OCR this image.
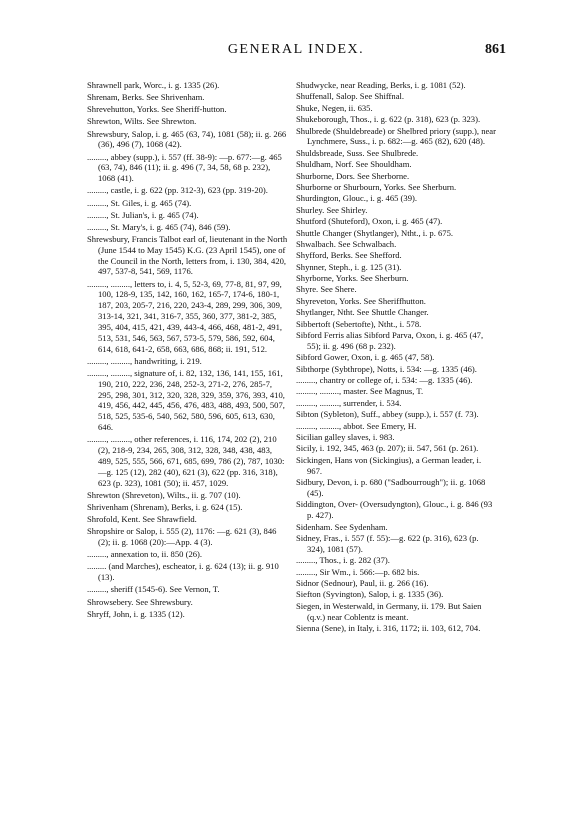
GENERAL INDEX.	861
Shrawnell park, Worc., i. g. 1335 (26).
Shrenam, Berks. See Shrivenham.
Shrevehutton, Yorks. See Sheriff-hutton.
Shrewton, Wilts. See Shrewton.
Shrewsbury, Salop, i. g. 465 (63, 74), 1081 (58); ii. g. 266 (36), 496 (7), 1068 (42).
........., abbey (supp.), i. 557 (ff. 38-9): —p. 677:—g. 465 (63, 74), 846 (11); ii. g. 496 (7, 34, 58, 68 p. 232), 1068 (41).
........., castle, i. g. 622 (pp. 312-3), 623 (pp. 319-20).
........., St. Giles, i. g. 465 (74).
........., St. Julian's, i. g. 465 (74).
........., St. Mary's, i. g. 465 (74), 846 (59).
Shrewsbury, Francis Talbot earl of, lieutenant in the North (June 1544 to May 1545) K.G. (23 April 1545), one of the Council in the North, letters from, i. 130, 384, 420, 497, 537-8, 541, 569, 1176.
........., ........., letters to, i. 4, 5, 52-3, 69, 77-8, 81, 97, 99, 100, 128-9, 135, 142, 160, 162, 165-7, 174-6, 180-1, 187, 203, 205-7, 216, 220, 243-4, 289, 299, 306, 309, 313-14, 321, 341, 316-7, 355, 360, 377, 381-2, 385, 395, 404, 415, 421, 439, 443-4, 466, 468, 481-2, 491, 513, 531, 546, 563, 567, 573-5, 579, 586, 592, 604, 614, 618, 641-2, 658, 663, 686, 868; ii. 191, 512.
........., ........., handwriting, i. 219.
........., ........., signature of, i. 82, 132, 136, 141, 155, 161, 190, 210, 222, 236, 248, 252-3, 271-2, 276, 285-7, 295, 298, 301, 312, 320, 328, 329, 359, 376, 393, 410, 419, 456, 442, 445, 456, 476, 483, 488, 493, 500, 507, 518, 525, 535-6, 540, 562, 580, 596, 605, 613, 630, 646.
........., ........., other references, i. 116, 174, 202 (2), 210 (2), 218-9, 234, 265, 308, 312, 328, 348, 438, 483, 489, 525, 555, 566, 671, 685, 699, 786 (2), 787, 1030:—g. 125 (12), 282 (40), 621 (3), 622 (pp. 316, 318), 623 (p. 323), 1081 (50); ii. 457, 1029.
Shrewton (Shreveton), Wilts., ii. g. 707 (10).
Shrivenham (Shrenam), Berks, i. g. 624 (15).
Shrofold, Kent. See Shrawfield.
Shropshire or Salop, i. 555 (2), 1176: —g. 621 (3), 846 (2); ii. g. 1068 (20):—App. 4 (3).
........., annexation to, ii. 850 (26).
......... (and Marches), escheator, i. g. 624 (13); ii. g. 910 (13).
........., sheriff (1545-6). See Vernon, T.
Shrowsebery. See Shrewsbury.
Shryff, John, i. g. 1335 (12).
Shudwycke, near Reading, Berks, i. g. 1081 (52).
Shuffenall, Salop. See Shiffnal.
Shuke, Negen, ii. 635.
Shukeborough, Thos., i. g. 622 (p. 318), 623 (p. 323).
Shulbrede (Shuldebreade) or Shelbred priory (supp.), near Lynchmere, Suss., i. p. 682:—g. 465 (82), 620 (48).
Shuldsbreade, Suss. See Shulbrede.
Shuldham, Norf. See Shouldham.
Shurborne, Dors. See Sherborne.
Shurborne or Shurbourn, Yorks. See Sherburn.
Shurdington, Glouc., i. g. 465 (39).
Shurley. See Shirley.
Shutford (Shuteford), Oxon, i. g. 465 (47).
Shuttle Changer (Shytlanger), Ntht., i. p. 675.
Shwalbach. See Schwalbach.
Shyfford, Berks. See Shefford.
Shynner, Steph., i. g. 125 (31).
Shyrborne, Yorks. See Sherburn.
Shyre. See Shere.
Shyreveton, Yorks. See Sheriffhutton.
Shytlanger, Ntht. See Shuttle Changer.
Sibbertoft (Sebertofte), Ntht., i. 578.
Sibford Ferris alias Sibford Parva, Oxon, i. g. 465 (47, 55); ii. g. 496 (68 p. 232).
Sibford Gower, Oxon, i. g. 465 (47, 58).
Sibthorpe (Sybthrope), Notts, i. 534: —g. 1335 (46).
........., chantry or college of, i. 534: —g. 1335 (46).
........., ........., master. See Magnus, T.
........., ........., surrender, i. 534.
Sibton (Sybleton), Suff., abbey (supp.), i. 557 (f. 73).
........., ........., abbot. See Emery, H.
Sicilian galley slaves, i. 983.
Sicily, i. 192, 345, 463 (p. 207); ii. 547, 561 (p. 261).
Sickingen, Hans von (Sickingius), a German leader, i. 967.
Sidbury, Devon, i. p. 680 ("Sadbourrough"); ii. g. 1068 (45).
Siddington, Over- (Oversudyngton), Glouc., i. g. 846 (93 p. 427).
Sidenham. See Sydenham.
Sidney, Fras., i. 557 (f. 55):—g. 622 (p. 316), 623 (p. 324), 1081 (57).
........., Thos., i. g. 282 (37).
........., Sir Wm., i. 566:—p. 682 bis.
Sidnor (Sednour), Paul, ii. g. 266 (16).
Siefton (Syvington), Salop, i. g. 1335 (36).
Siegen, in Westerwald, in Germany, ii. 179. But Saien (q.v.) near Coblentz is meant.
Sienna (Sene), in Italy, i. 316, 1172; ii. 103, 612, 704.
